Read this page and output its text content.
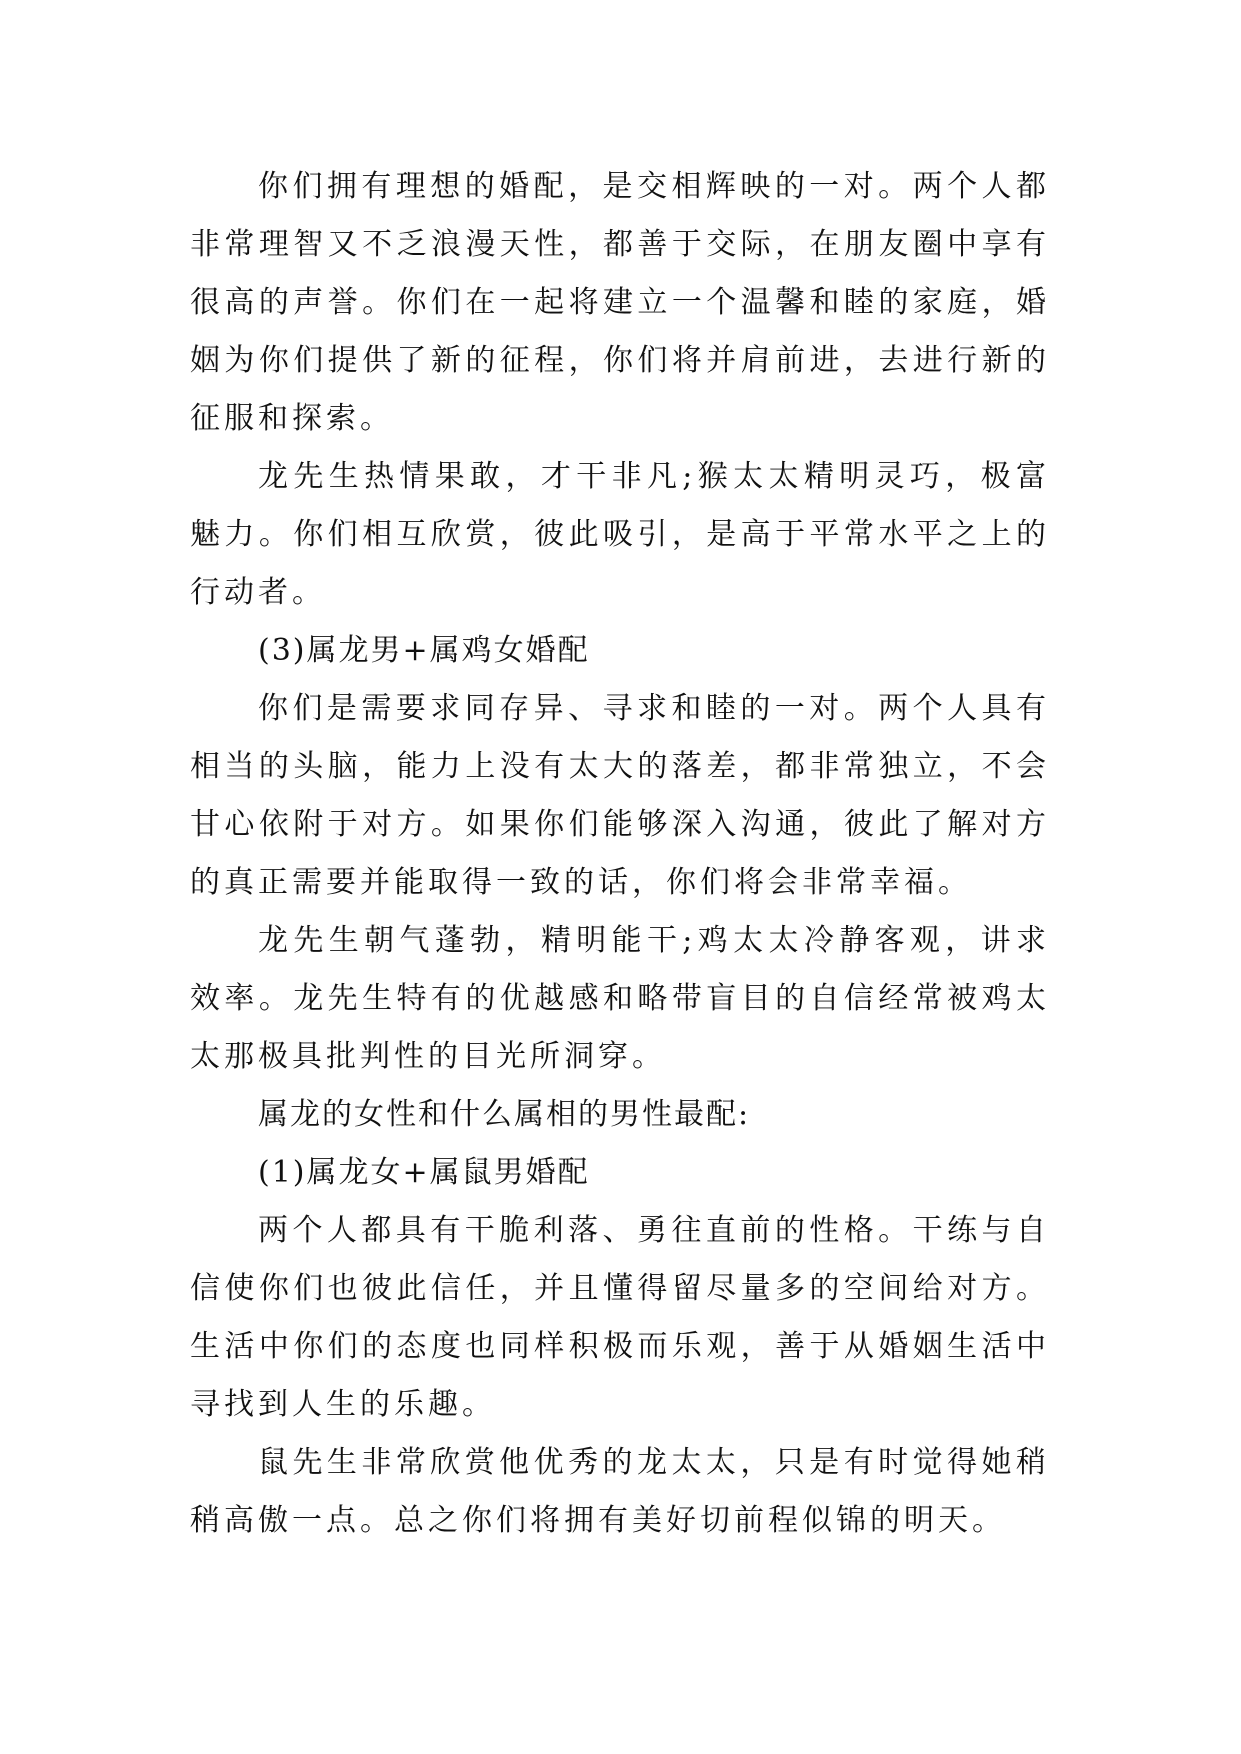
你们拥有理想的婚配，是交相辉映的一对。两个人都非常理智又不乏浪漫天性，都善于交际，在朋友圈中享有很高的声誉。你们在一起将建立一个温馨和睦的家庭，婚姻为你们提供了新的征程，你们将并肩前进，去进行新的征服和探索。

龙先生热情果敢，才干非凡;猴太太精明灵巧，极富魅力。你们相互欣赏，彼此吸引，是高于平常水平之上的行动者。

(3)属龙男+属鸡女婚配

你们是需要求同存异、寻求和睦的一对。两个人具有相当的头脑，能力上没有太大的落差，都非常独立，不会甘心依附于对方。如果你们能够深入沟通，彼此了解对方的真正需要并能取得一致的话，你们将会非常幸福。

龙先生朝气蓬勃，精明能干;鸡太太冷静客观，讲求效率。龙先生特有的优越感和略带盲目的自信经常被鸡太太那极具批判性的目光所洞穿。

属龙的女性和什么属相的男性最配:

(1)属龙女+属鼠男婚配

两个人都具有干脆利落、勇往直前的性格。干练与自信使你们也彼此信任，并且懂得留尽量多的空间给对方。生活中你们的态度也同样积极而乐观，善于从婚姻生活中寻找到人生的乐趣。

鼠先生非常欣赏他优秀的龙太太，只是有时觉得她稍稍高傲一点。总之你们将拥有美好切前程似锦的明天。
